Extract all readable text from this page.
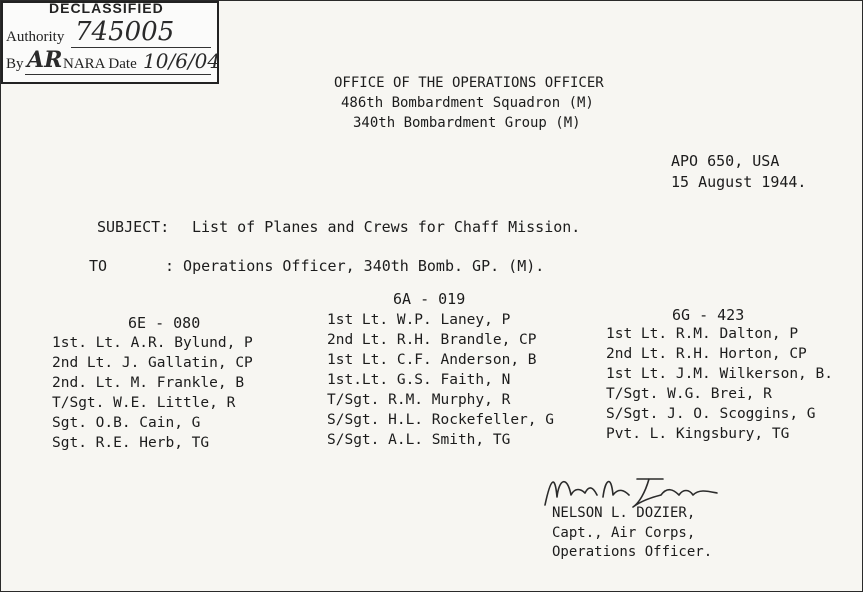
DECLASSIFIED
Authority 745005
By AR NARA Date 10/6/04
OFFICE OF THE OPERATIONS OFFICER
486th Bombardment Squadron (M)
340th Bombardment Group (M)
APO 650, USA
15 August 1944.
SUBJECT: List of Planes and Crews for Chaff Mission.
TO	: Operations Officer, 340th Bomb. GP. (M).
6E - 080
1st. Lt. A.R. Bylund, P
2nd Lt. J. Gallatin, CP
2nd. Lt. M. Frankle, B
T/Sgt. W.E. Little, R
Sgt. O.B. Cain, G
Sgt. R.E. Herb, TG
6A - 019
1st Lt. W.P. Laney, P
2nd Lt. R.H. Brandle, CP
1st Lt. C.F. Anderson, B
1st.Lt. G.S. Faith, N
T/Sgt. R.M. Murphy, R
S/Sgt. H.L. Rockefeller, G
S/Sgt. A.L. Smith, TG
6G - 423
1st Lt. R.M. Dalton, P
2nd Lt. R.H. Horton, CP
1st Lt. J.M. Wilkerson, B.
T/Sgt. W.G. Brei, R
S/Sgt. J. O. Scoggins, G
Pvt. L. Kingsbury, TG
NELSON L. DOZIER,
Capt., Air Corps,
Operations Officer.
